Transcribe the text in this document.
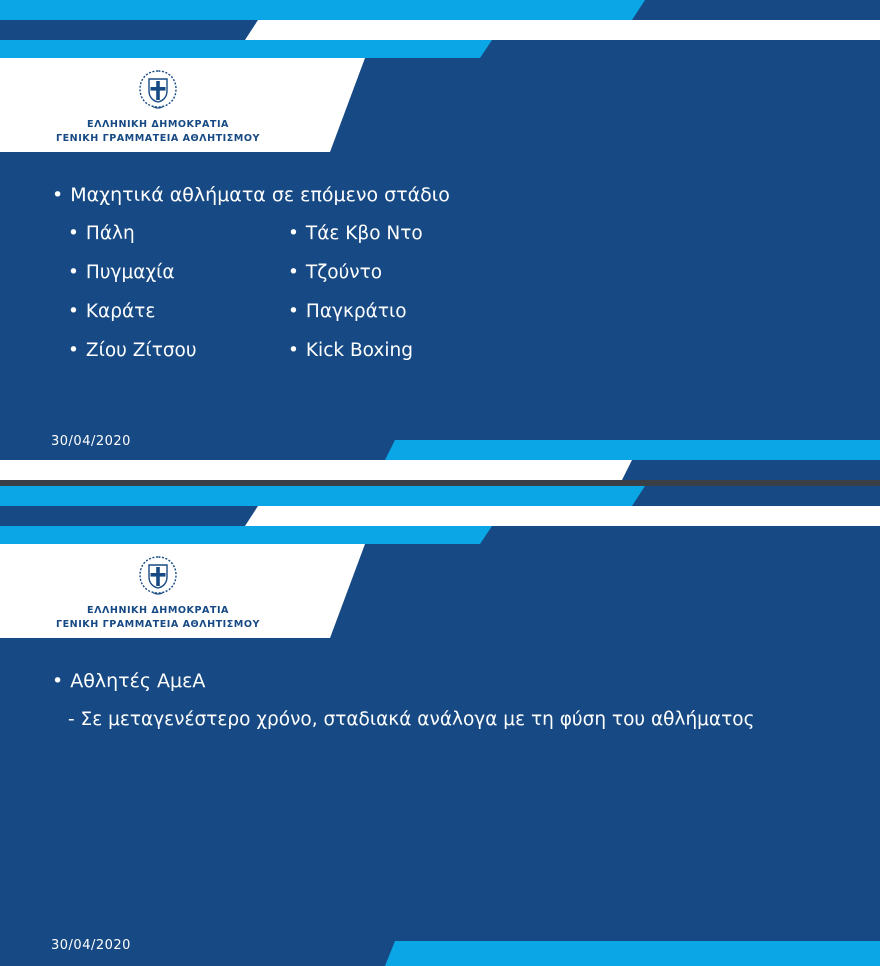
ΕΛΛΗΝΙΚΗ ΔΗΜΟΚΡΑΤΙΑ
ΓΕΝΙΚΗ ΓΡΑΜΜΑΤΕΙΑ ΑΘΛΗΤΙΣΜΟΥ
• Μαχητικά αθλήματα σε επόμενο στάδιο
• Πάλη	• Τάε Κβο Ντο
• Πυγμαχία	• Τζούντο
• Καράτε	• Παγκράτιο
• Ζίου Ζίτσου	• Kick Boxing
30/04/2020
ΕΛΛΗΝΙΚΗ ΔΗΜΟΚΡΑΤΙΑ
ΓΕΝΙΚΗ ΓΡΑΜΜΑΤΕΙΑ ΑΘΛΗΤΙΣΜΟΥ
• Αθλητές ΑμεΑ
- Σε μεταγενέστερο χρόνο, σταδιακά ανάλογα με τη φύση του αθλήματος
30/04/2020
